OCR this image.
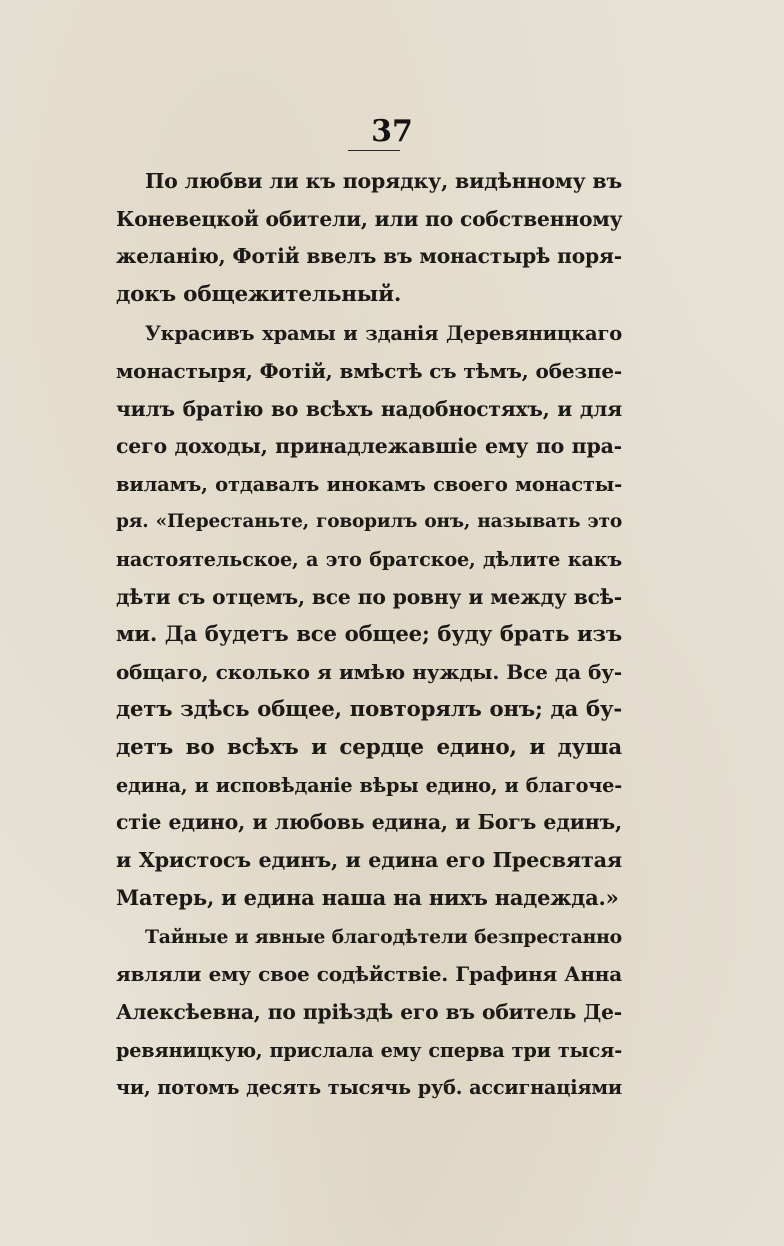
37
По любви ли къ порядку, видѣнному въ
Коневецкой обители, или по собственному
желанію, Фотій ввелъ въ монастырѣ поря-
докъ общежительный.
Украсивъ храмы и зданія Деревяницкаго
монастыря, Фотій, вмѣстѣ съ тѣмъ, обезпе-
чилъ братію во всѣхъ надобностяхъ, и для
сего доходы, принадлежавшіе ему по пра-
виламъ, отдавалъ инокамъ своего монасты-
ря. «Перестаньте, говорилъ онъ, называть это
настоятельское, а это братское, дѣлите какъ
дѣти съ отцемъ, все по ровну и между всѣ-
ми. Да будетъ все общее; буду брать изъ
общаго, сколько я имѣю нужды. Все да бу-
детъ здѣсь общее, повторялъ онъ; да бу-
детъ во всѣхъ и сердце едино, и душа
едина, и исповѣданіе вѣры едино, и благоче-
стіе едино, и любовь едина, и Богъ единъ,
и Христосъ единъ, и едина его Пресвятая
Матерь, и едина наша на нихъ надежда.»
Тайные и явные благодѣтели безпрестанно
являли ему свое содѣйствіе. Графиня Анна
Алексѣевна, по пріѣздѣ его въ обитель Де-
ревяницкую, прислала ему сперва три тыся-
чи, потомъ десять тысячь руб. ассигнаціями
